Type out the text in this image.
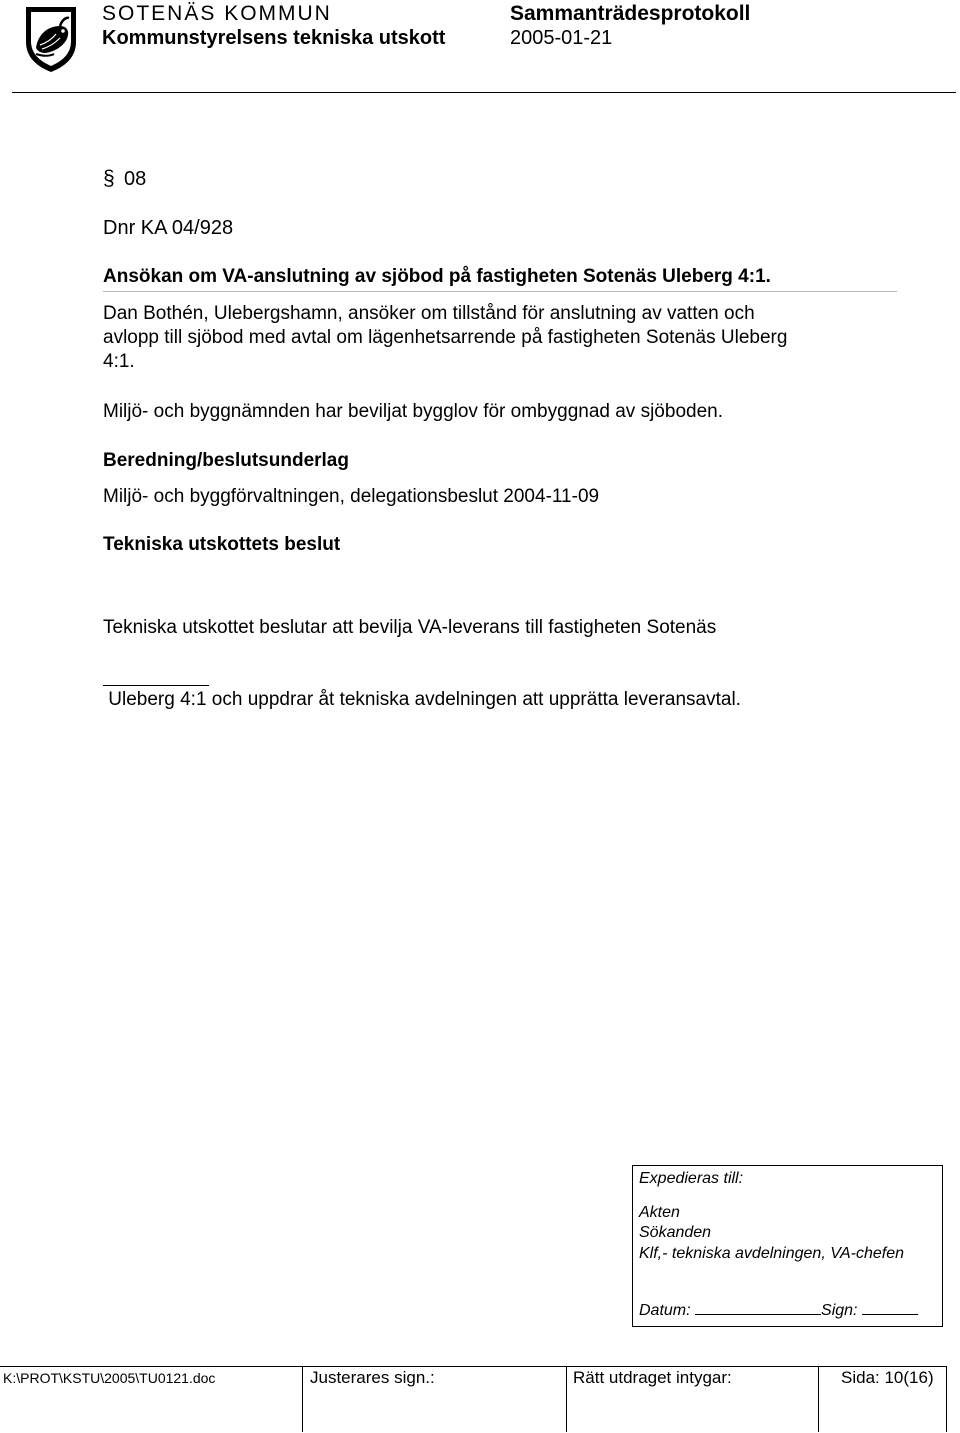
SOTENÄS KOMMUN
Kommunstyrelsens tekniska utskott
Sammanträdesprotokoll
2005-01-21
§ 08
Dnr KA 04/928
Ansökan om VA-anslutning av sjöbod på fastigheten Sotenäs Uleberg 4:1.
Dan Bothén, Ulebergshamn, ansöker om tillstånd för anslutning av vatten och
avlopp till sjöbod med avtal om lägenhetsarrende på fastigheten Sotenäs Uleberg
4:1.
Miljö- och byggnämnden har beviljat bygglov för ombyggnad av sjöboden.
Beredning/beslutsunderlag
Miljö- och byggförvaltningen, delegationsbeslut 2004-11-09
Tekniska utskottets beslut

Tekniska utskottet beslutar att bevilja VA-leverans till fastigheten Sotenäs

Uleberg 4:1 och uppdrar åt tekniska avdelningen att upprätta leveransavtal.

Expedieras till:
Akten
Sökanden
Klf,- tekniska avdelningen, VA-chefen
Datum:	Sign:
K:\PROT\KSTU\2005\TU0121.doc	Justerares sign.:	Rätt utdraget intygar:	Sida: 10(16)
